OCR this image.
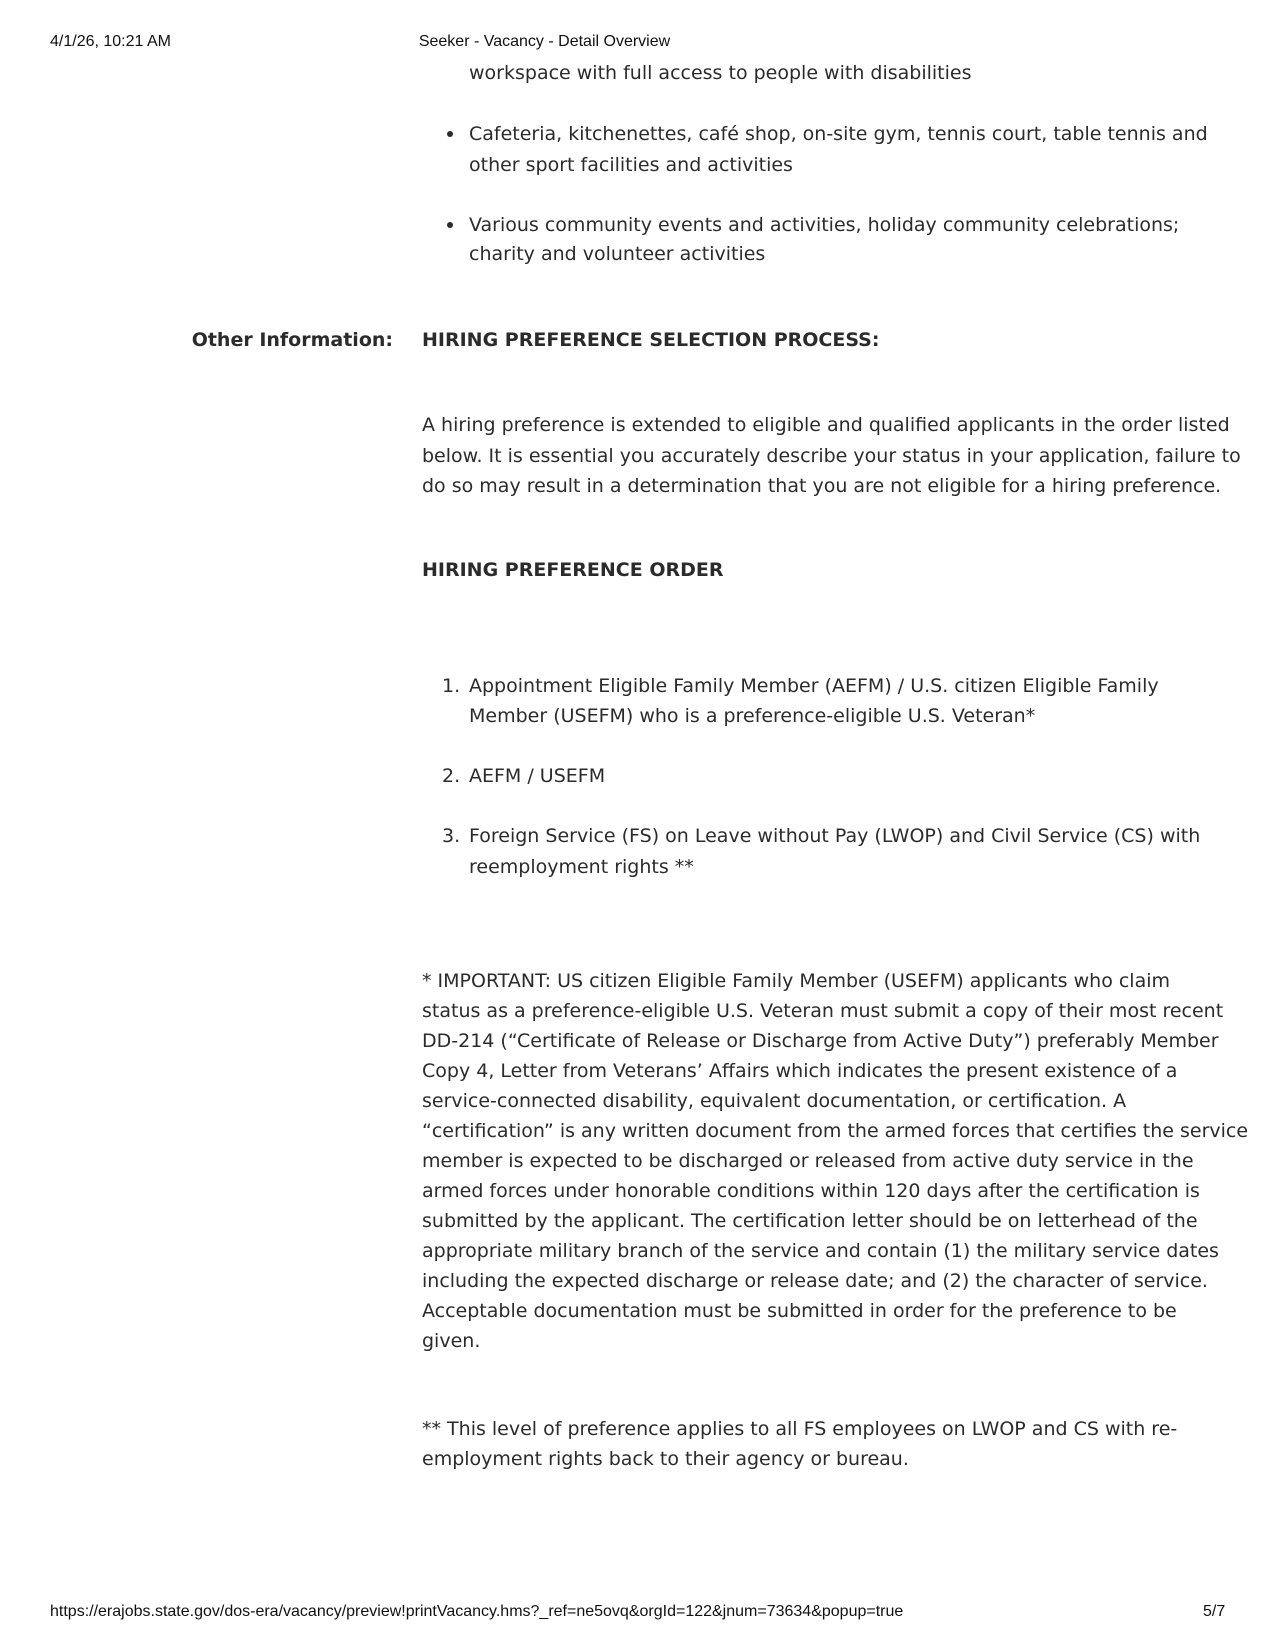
4/1/26, 10:21 AM	Seeker - Vacancy - Detail Overview
workspace with full access to people with disabilities
Cafeteria, kitchenettes, café shop, on-site gym, tennis court, table tennis and
other sport facilities and activities
Various community events and activities, holiday community celebrations;
charity and volunteer activities
Other Information: HIRING PREFERENCE SELECTION PROCESS:
A hiring preference is extended to eligible and qualified applicants in the order listed
below. It is essential you accurately describe your status in your application, failure to
do so may result in a determination that you are not eligible for a hiring preference.
HIRING PREFERENCE ORDER
1. Appointment Eligible Family Member (AEFM) / U.S. citizen Eligible Family
Member (USEFM) who is a preference-eligible U.S. Veteran*
2. AEFM / USEFM
3. Foreign Service (FS) on Leave without Pay (LWOP) and Civil Service (CS) with
reemployment rights **
* IMPORTANT: US citizen Eligible Family Member (USEFM) applicants who claim
status as a preference-eligible U.S. Veteran must submit a copy of their most recent
DD-214 (“Certificate of Release or Discharge from Active Duty”) preferably Member
Copy 4, Letter from Veterans’ Affairs which indicates the present existence of a
service-connected disability, equivalent documentation, or certification. A
“certification” is any written document from the armed forces that certifies the service
member is expected to be discharged or released from active duty service in the
armed forces under honorable conditions within 120 days after the certification is
submitted by the applicant. The certification letter should be on letterhead of the
appropriate military branch of the service and contain (1) the military service dates
including the expected discharge or release date; and (2) the character of service.
Acceptable documentation must be submitted in order for the preference to be
given.
** This level of preference applies to all FS employees on LWOP and CS with re-
employment rights back to their agency or bureau.
https://erajobs.state.gov/dos-era/vacancy/preview!printVacancy.hms?_ref=ne5ovq&orgId=122&jnum=73634&popup=true	5/7
